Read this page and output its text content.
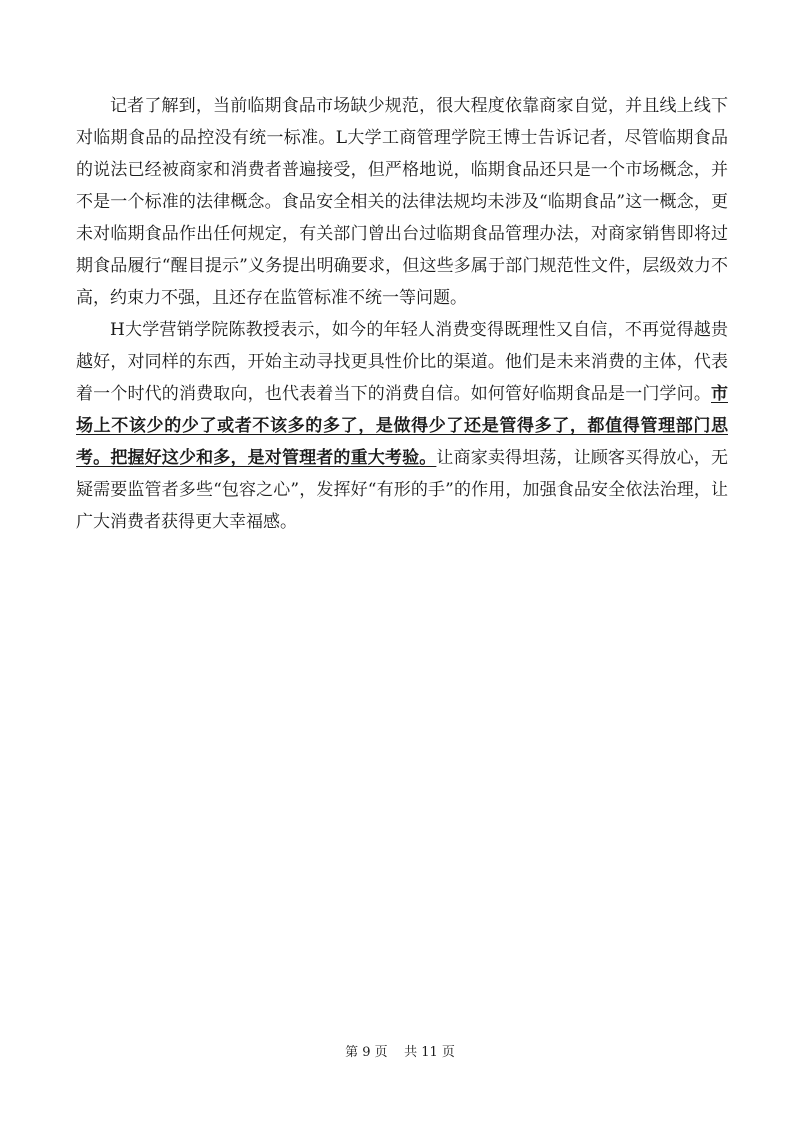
记者了解到，当前临期食品市场缺少规范，很大程度依靠商家自觉，并且线上线下对临期食品的品控没有统一标准。L大学工商管理学院王博士告诉记者，尽管临期食品的说法已经被商家和消费者普遍接受，但严格地说，临期食品还只是一个市场概念，并不是一个标准的法律概念。食品安全相关的法律法规均未涉及“临期食品”这一概念，更未对临期食品作出任何规定，有关部门曾出台过临期食品管理办法，对商家销售即将过期食品履行“醒目提示”义务提出明确要求，但这些多属于部门规范性文件，层级效力不高，约束力不强，且还存在监管标准不统一等问题。

H大学营销学院陈教授表示，如今的年轻人消费变得既理性又自信，不再觉得越贵越好，对同样的东西，开始主动寻找更具性价比的渠道。他们是未来消费的主体，代表着一个时代的消费取向，也代表着当下的消费自信。如何管好临期食品是一门学问。市场上不该少的少了或者不该多的多了，是做得少了还是管得多了，都值得管理部门思考。把握好这少和多，是对管理者的重大考验。让商家卖得坦荡，让顾客买得放心，无疑需要监管者多些“包容之心”，发挥好“有形的手”的作用，加强食品安全依法治理，让广大消费者获得更大幸福感。

第 9 页    共 11 页
